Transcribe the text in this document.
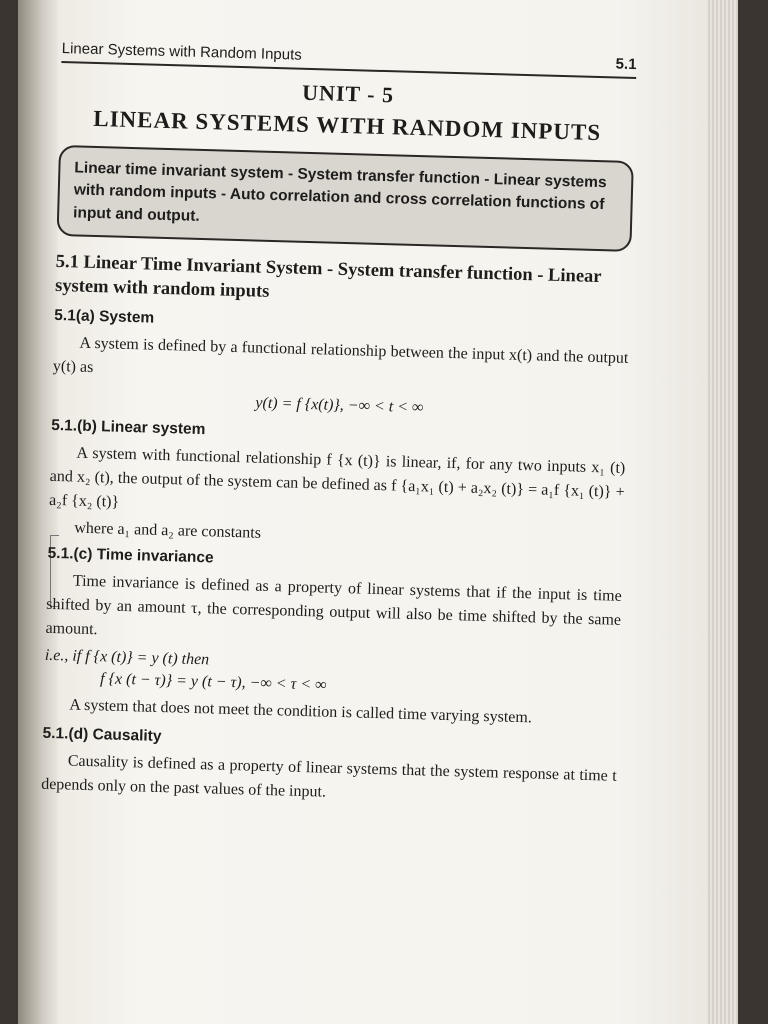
Linear Systems with Random Inputs
5.1
UNIT - 5
LINEAR SYSTEMS WITH RANDOM INPUTS
Linear time invariant system - System transfer function - Linear systems with random inputs - Auto correlation and cross correlation functions of input and output.
5.1 Linear Time Invariant System - System transfer function - Linear system with random inputs
5.1(a) System
A system is defined by a functional relationship between the input x(t) and the output y(t) as
y(t) = f {x(t)}, −∞ < t < ∞
5.1.(b) Linear system
A system with functional relationship f {x (t)} is linear, if, for any two inputs x₁ (t) and x₂ (t), the output of the system can be defined as f {a₁x₁ (t) + a₂x₂ (t)} = a₁f {x₁ (t)} + a₂f {x₂ (t)}
where a₁ and a₂ are constants
5.1.(c) Time invariance
Time invariance is defined as a property of linear systems that if the input is time shifted by an amount τ, the corresponding output will also be time shifted by the same amount.
i.e., if f {x (t)} = y (t) then
f {x (t − τ)} = y (t − τ), −∞ < τ < ∞
A system that does not meet the condition is called time varying system.
5.1.(d) Causality
Causality is defined as a property of linear systems that the system response at time t depends only on the past values of the input.
